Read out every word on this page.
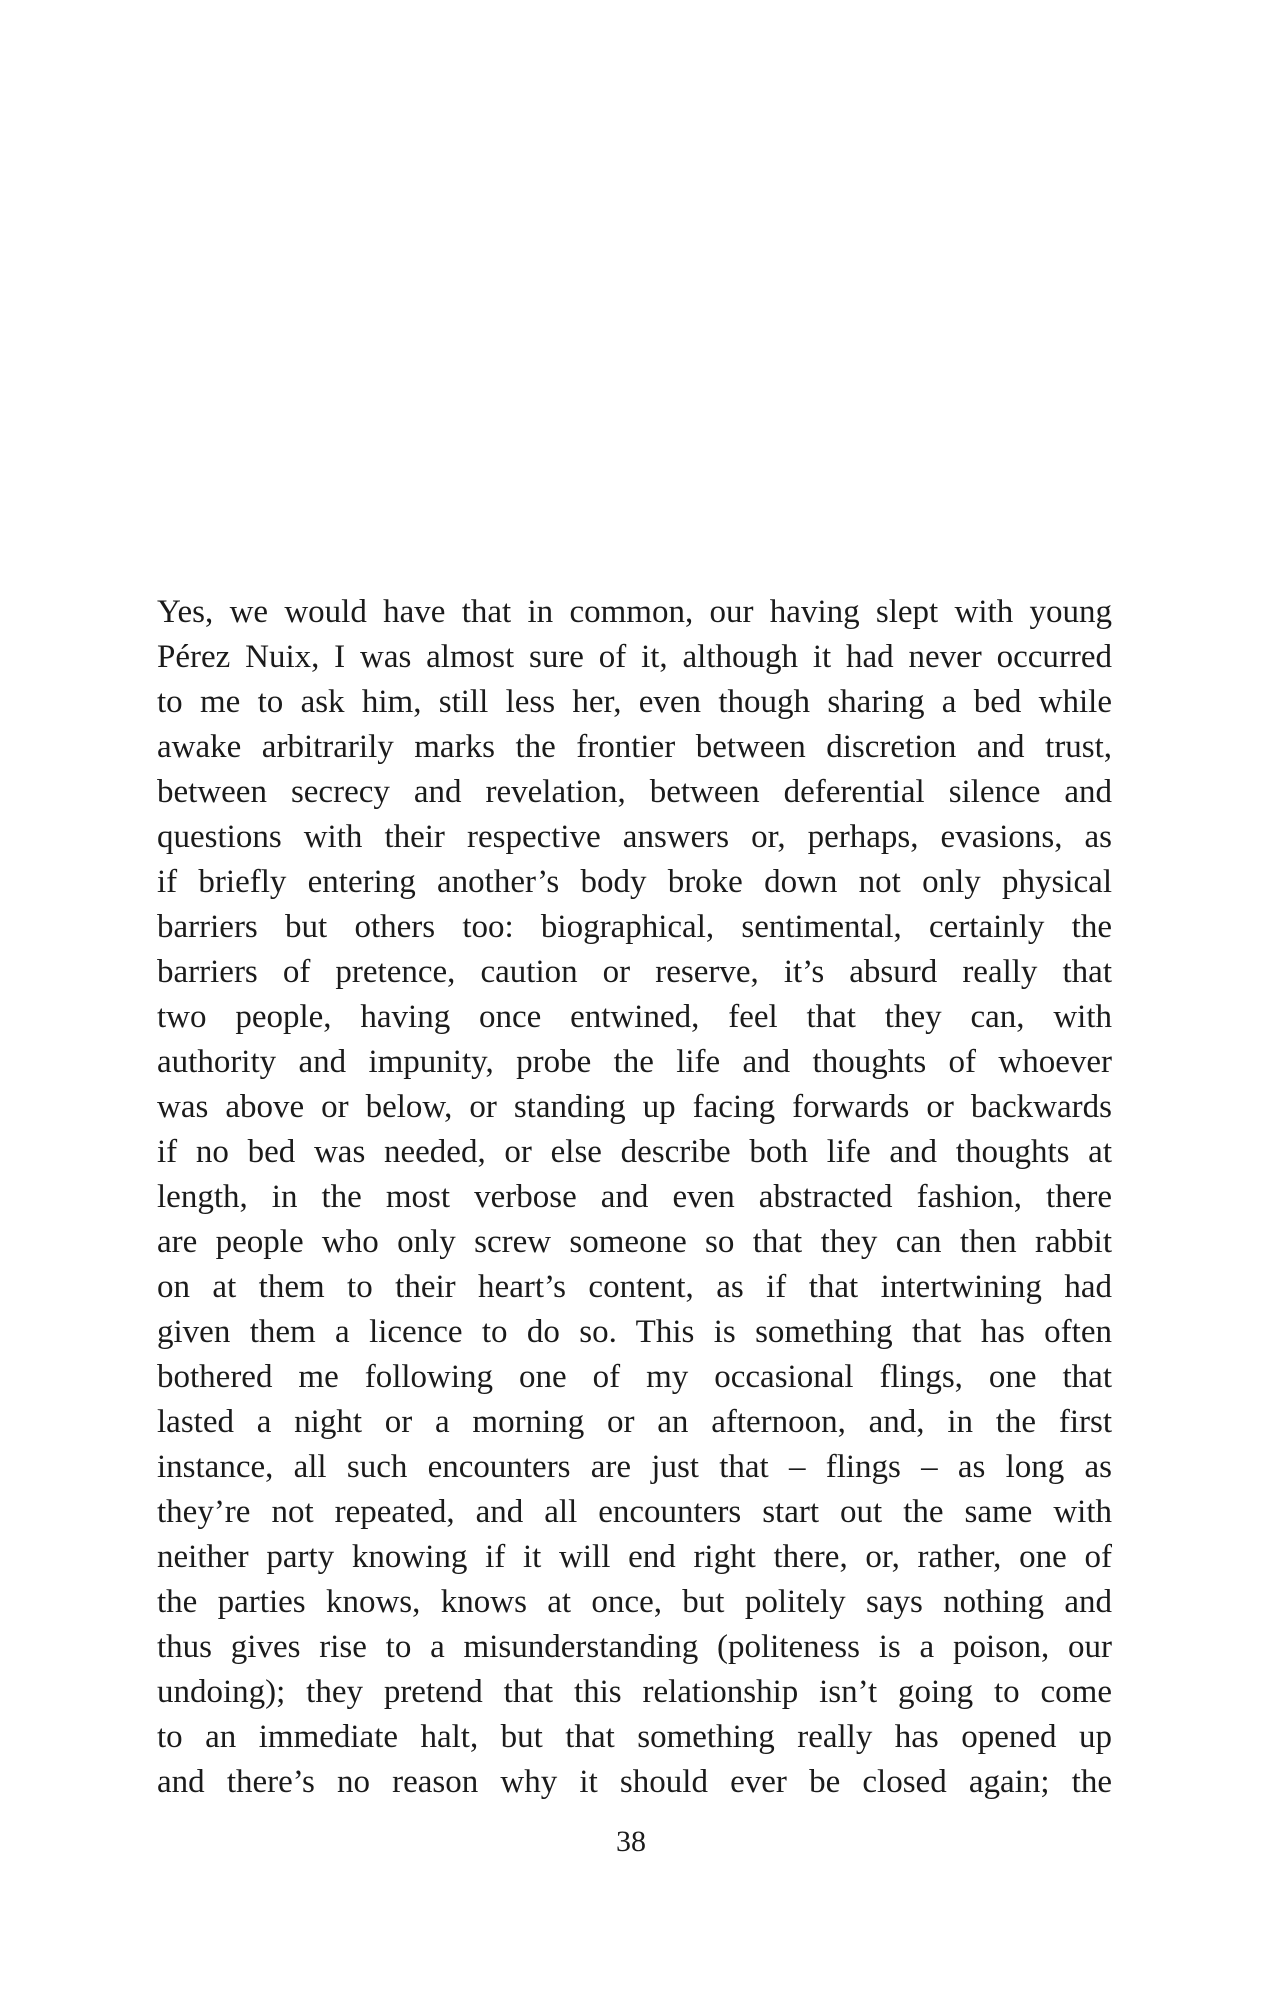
Yes, we would have that in common, our having slept with young
Pérez Nuix, I was almost sure of it, although it had never occurred
to me to ask him, still less her, even though sharing a bed while
awake arbitrarily marks the frontier between discretion and trust,
between secrecy and revelation, between deferential silence and
questions with their respective answers or, perhaps, evasions, as
if briefly entering another’s body broke down not only physical
barriers but others too: biographical, sentimental, certainly the
barriers of pretence, caution or reserve, it’s absurd really that
two people, having once entwined, feel that they can, with
authority and impunity, probe the life and thoughts of whoever
was above or below, or standing up facing forwards or backwards
if no bed was needed, or else describe both life and thoughts at
length, in the most verbose and even abstracted fashion, there
are people who only screw someone so that they can then rabbit
on at them to their heart’s content, as if that intertwining had
given them a licence to do so. This is something that has often
bothered me following one of my occasional flings, one that
lasted a night or a morning or an afternoon, and, in the first
instance, all such encounters are just that – flings – as long as
they’re not repeated, and all encounters start out the same with
neither party knowing if it will end right there, or, rather, one of
the parties knows, knows at once, but politely says nothing and
thus gives rise to a misunderstanding (politeness is a poison, our
undoing); they pretend that this relationship isn’t going to come
to an immediate halt, but that something really has opened up
and there’s no reason why it should ever be closed again; the
38
